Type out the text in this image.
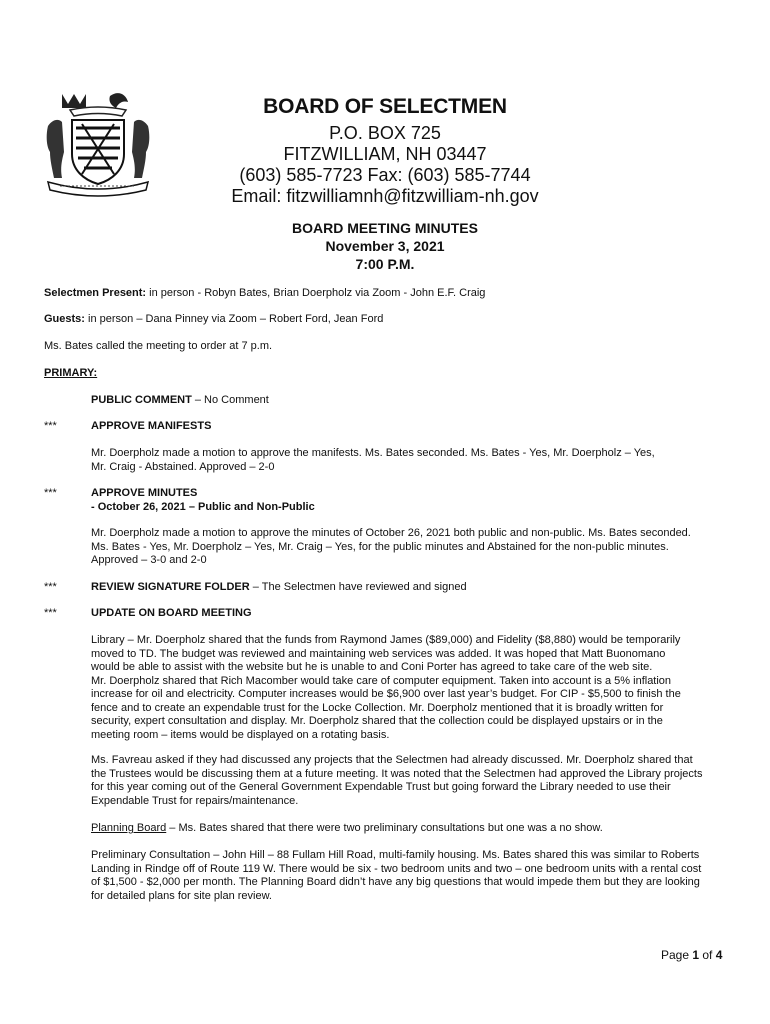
BOARD OF SELECTMEN
P.O. BOX 725
FITZWILLIAM, NH 03447
(603) 585-7723 Fax: (603) 585-7744
Email: fitzwilliamnh@fitzwilliam-nh.gov
BOARD MEETING MINUTES
November 3, 2021
7:00 P.M.
Selectmen Present: in person - Robyn Bates, Brian Doerpholz via Zoom - John E.F. Craig
Guests: in person – Dana Pinney via Zoom – Robert Ford, Jean Ford
Ms. Bates called the meeting to order at 7 p.m.
PRIMARY:
PUBLIC COMMENT – No Comment
***	APPROVE MANIFESTS
Mr. Doerpholz made a motion to approve the manifests. Ms. Bates seconded. Ms. Bates - Yes, Mr. Doerpholz – Yes,
Mr. Craig - Abstained. Approved – 2-0
***	APPROVE MINUTES
- October 26, 2021 – Public and Non-Public
Mr. Doerpholz made a motion to approve the minutes of October 26, 2021 both public and non-public. Ms. Bates seconded.
Ms. Bates - Yes, Mr. Doerpholz – Yes, Mr. Craig – Yes, for the public minutes and Abstained for the non-public minutes.
Approved – 3-0 and 2-0
***	REVIEW SIGNATURE FOLDER – The Selectmen have reviewed and signed
***	UPDATE ON BOARD MEETING
Library – Mr. Doerpholz shared that the funds from Raymond James ($89,000) and Fidelity ($8,880) would be temporarily
moved to TD. The budget was reviewed and maintaining web services was added. It was hoped that Matt Buonomano
would be able to assist with the website but he is unable to and Coni Porter has agreed to take care of the web site.
Mr. Doerpholz shared that Rich Macomber would take care of computer equipment. Taken into account is a 5% inflation
increase for oil and electricity. Computer increases would be $6,900 over last year’s budget. For CIP - $5,500 to finish the
fence and to create an expendable trust for the Locke Collection. Mr. Doerpholz mentioned that it is broadly written for
security, expert consultation and display. Mr. Doerpholz shared that the collection could be displayed upstairs or in the
meeting room – items would be displayed on a rotating basis.
Ms. Favreau asked if they had discussed any projects that the Selectmen had already discussed. Mr. Doerpholz shared that
the Trustees would be discussing them at a future meeting. It was noted that the Selectmen had approved the Library projects
for this year coming out of the General Government Expendable Trust but going forward the Library needed to use their
Expendable Trust for repairs/maintenance.
Planning Board – Ms. Bates shared that there were two preliminary consultations but one was a no show.
Preliminary Consultation – John Hill – 88 Fullam Hill Road, multi-family housing. Ms. Bates shared this was similar to Roberts
Landing in Rindge off of Route 119 W. There would be six - two bedroom units and two – one bedroom units with a rental cost
of $1,500 - $2,000 per month. The Planning Board didn’t have any big questions that would impede them but they are looking
for detailed plans for site plan review.
Page 1 of 4
